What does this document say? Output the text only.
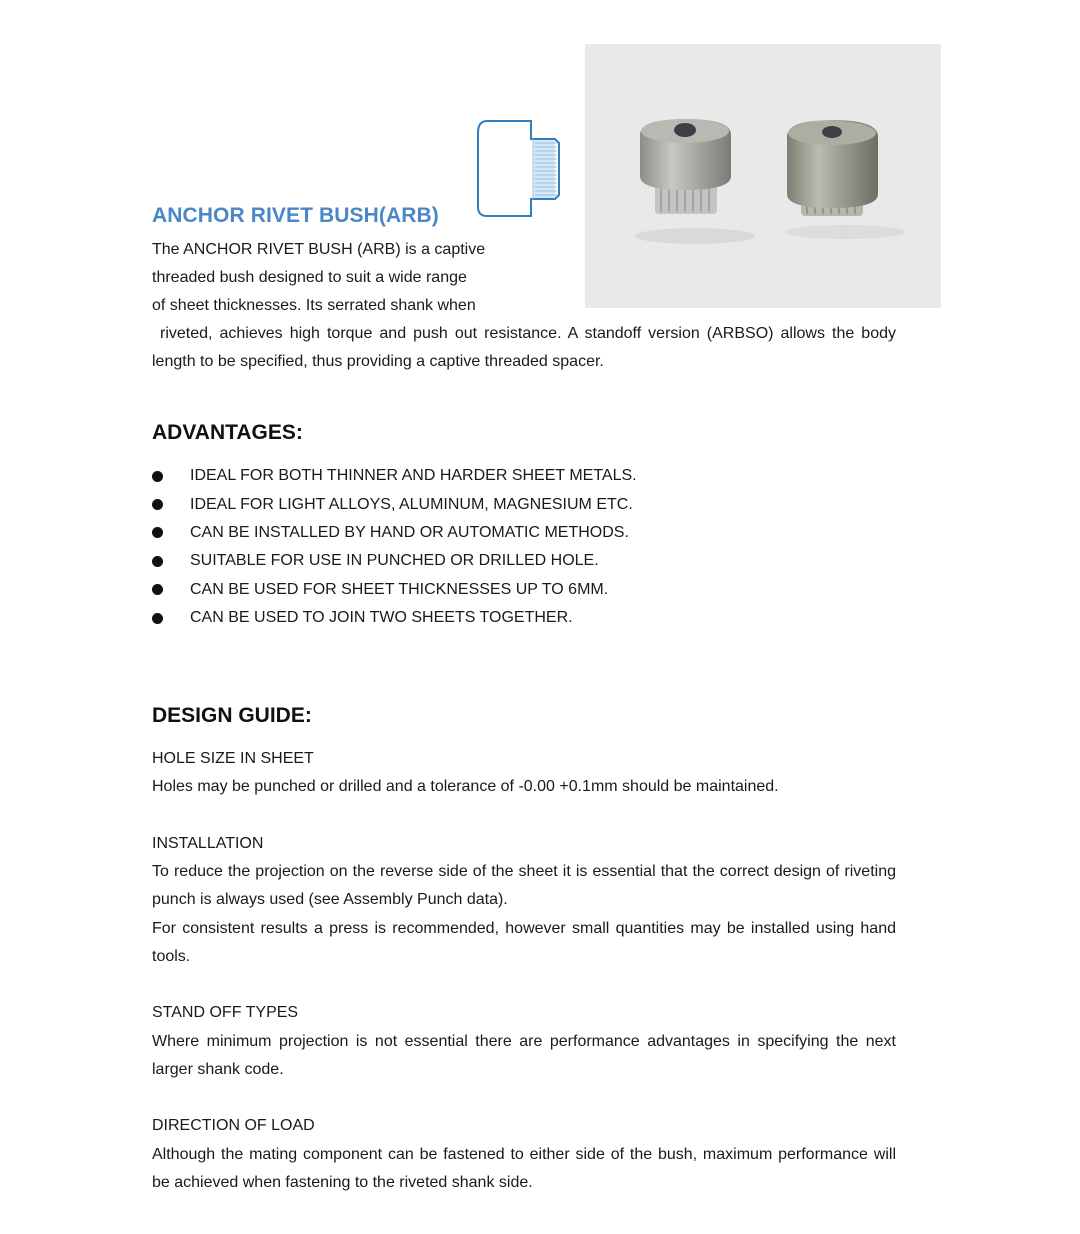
ANCHOR RIVET BUSH(ARB)
The ANCHOR RIVET BUSH (ARB) is a captive
threaded bush designed to suit a wide range
of sheet thicknesses. Its serrated shank when
riveted, achieves high torque and push out resistance. A standoff version (ARBSO) allows the body length to be specified, thus providing a captive threaded spacer.
ADVANTAGES:
IDEAL FOR BOTH THINNER AND HARDER SHEET METALS.
IDEAL FOR LIGHT ALLOYS, ALUMINUM, MAGNESIUM ETC.
CAN BE INSTALLED BY HAND OR AUTOMATIC METHODS.
SUITABLE FOR USE IN PUNCHED OR DRILLED HOLE.
CAN BE USED FOR SHEET THICKNESSES UP TO 6MM.
CAN BE USED TO JOIN TWO SHEETS TOGETHER.
DESIGN GUIDE:
HOLE SIZE IN SHEET
Holes may be punched or drilled and a tolerance of -0.00 +0.1mm should be maintained.
INSTALLATION
To reduce the projection on the reverse side of the sheet it is essential that the correct design of riveting punch is always used (see Assembly Punch data).
For consistent results a press is recommended, however small quantities may be installed using hand tools.
STAND OFF TYPES
Where minimum projection is not essential there are performance advantages in specifying the next larger shank code.
DIRECTION OF LOAD
Although the mating component can be fastened to either side of the bush, maximum performance will be achieved when fastening to the riveted shank side.
